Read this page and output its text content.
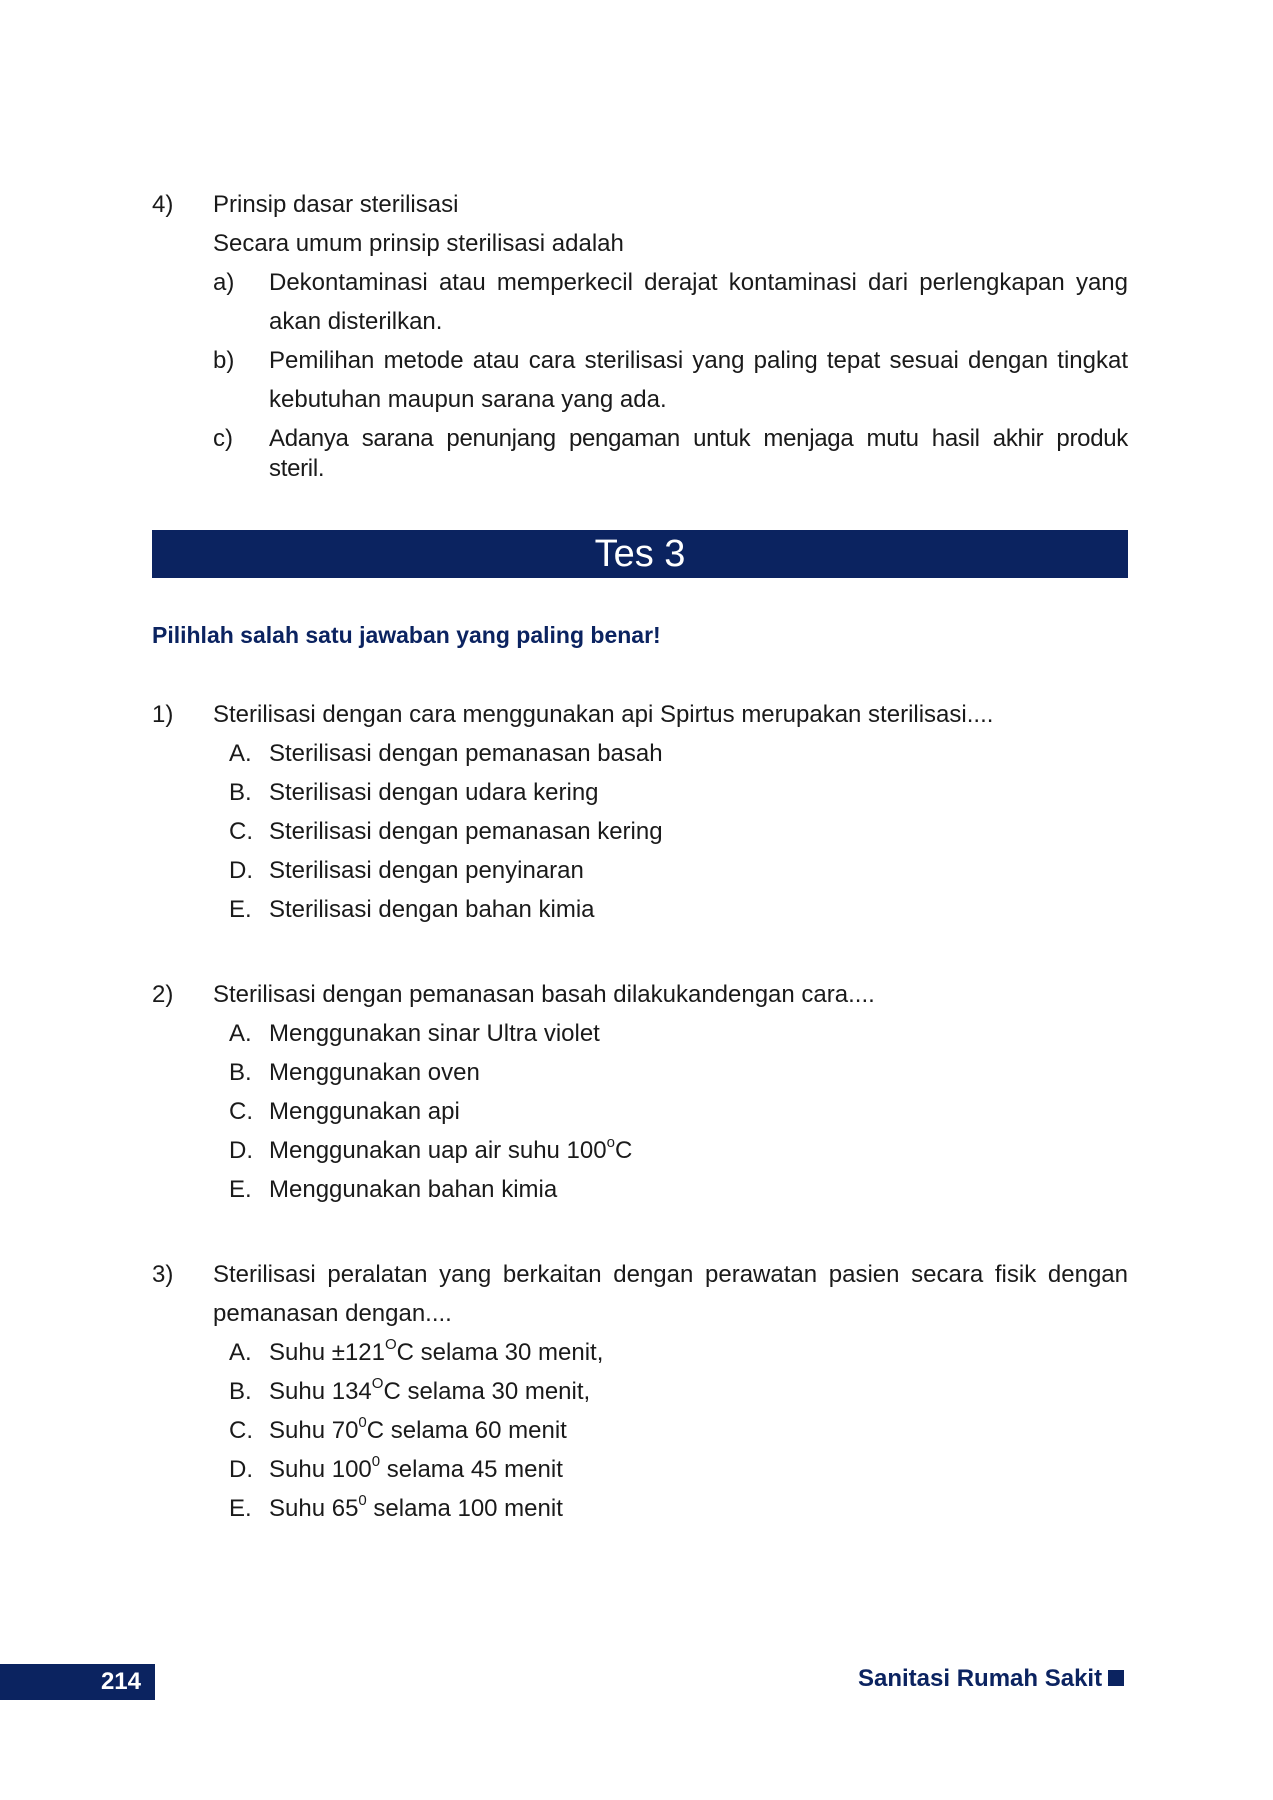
4) Prinsip dasar sterilisasi
Secara umum prinsip sterilisasi adalah
a) Dekontaminasi atau memperkecil derajat kontaminasi dari perlengkapan yang
akan disterilkan.
b) Pemilihan metode atau cara sterilisasi yang paling tepat sesuai dengan tingkat
kebutuhan maupun sarana yang ada.
c) Adanya sarana penunjang pengaman untuk menjaga mutu hasil akhir produk steril.
Tes 3
Pilihlah salah satu jawaban yang paling benar!
1) Sterilisasi dengan cara menggunakan api Spirtus merupakan sterilisasi....
A. Sterilisasi dengan pemanasan basah
B. Sterilisasi dengan udara kering
C. Sterilisasi dengan pemanasan kering
D. Sterilisasi dengan penyinaran
E. Sterilisasi dengan bahan kimia
2) Sterilisasi dengan pemanasan basah dilakukandengan cara....
A. Menggunakan sinar Ultra violet
B. Menggunakan oven
C. Menggunakan api
D. Menggunakan uap air suhu 100$^o$C
E. Menggunakan bahan kimia
3) Sterilisasi peralatan yang berkaitan dengan perawatan pasien secara fisik dengan
pemanasan dengan....
A. Suhu $\pm 121^OC$ selama 30 menit,
B. Suhu $134^OC$ selama 30 menit,
C. Suhu $70^0C$ selama 60 menit
D. Suhu $100^0$ selama 45 menit
E. Suhu $65^0$ selama 100 menit
214	Sanitasi Rumah Sakit
